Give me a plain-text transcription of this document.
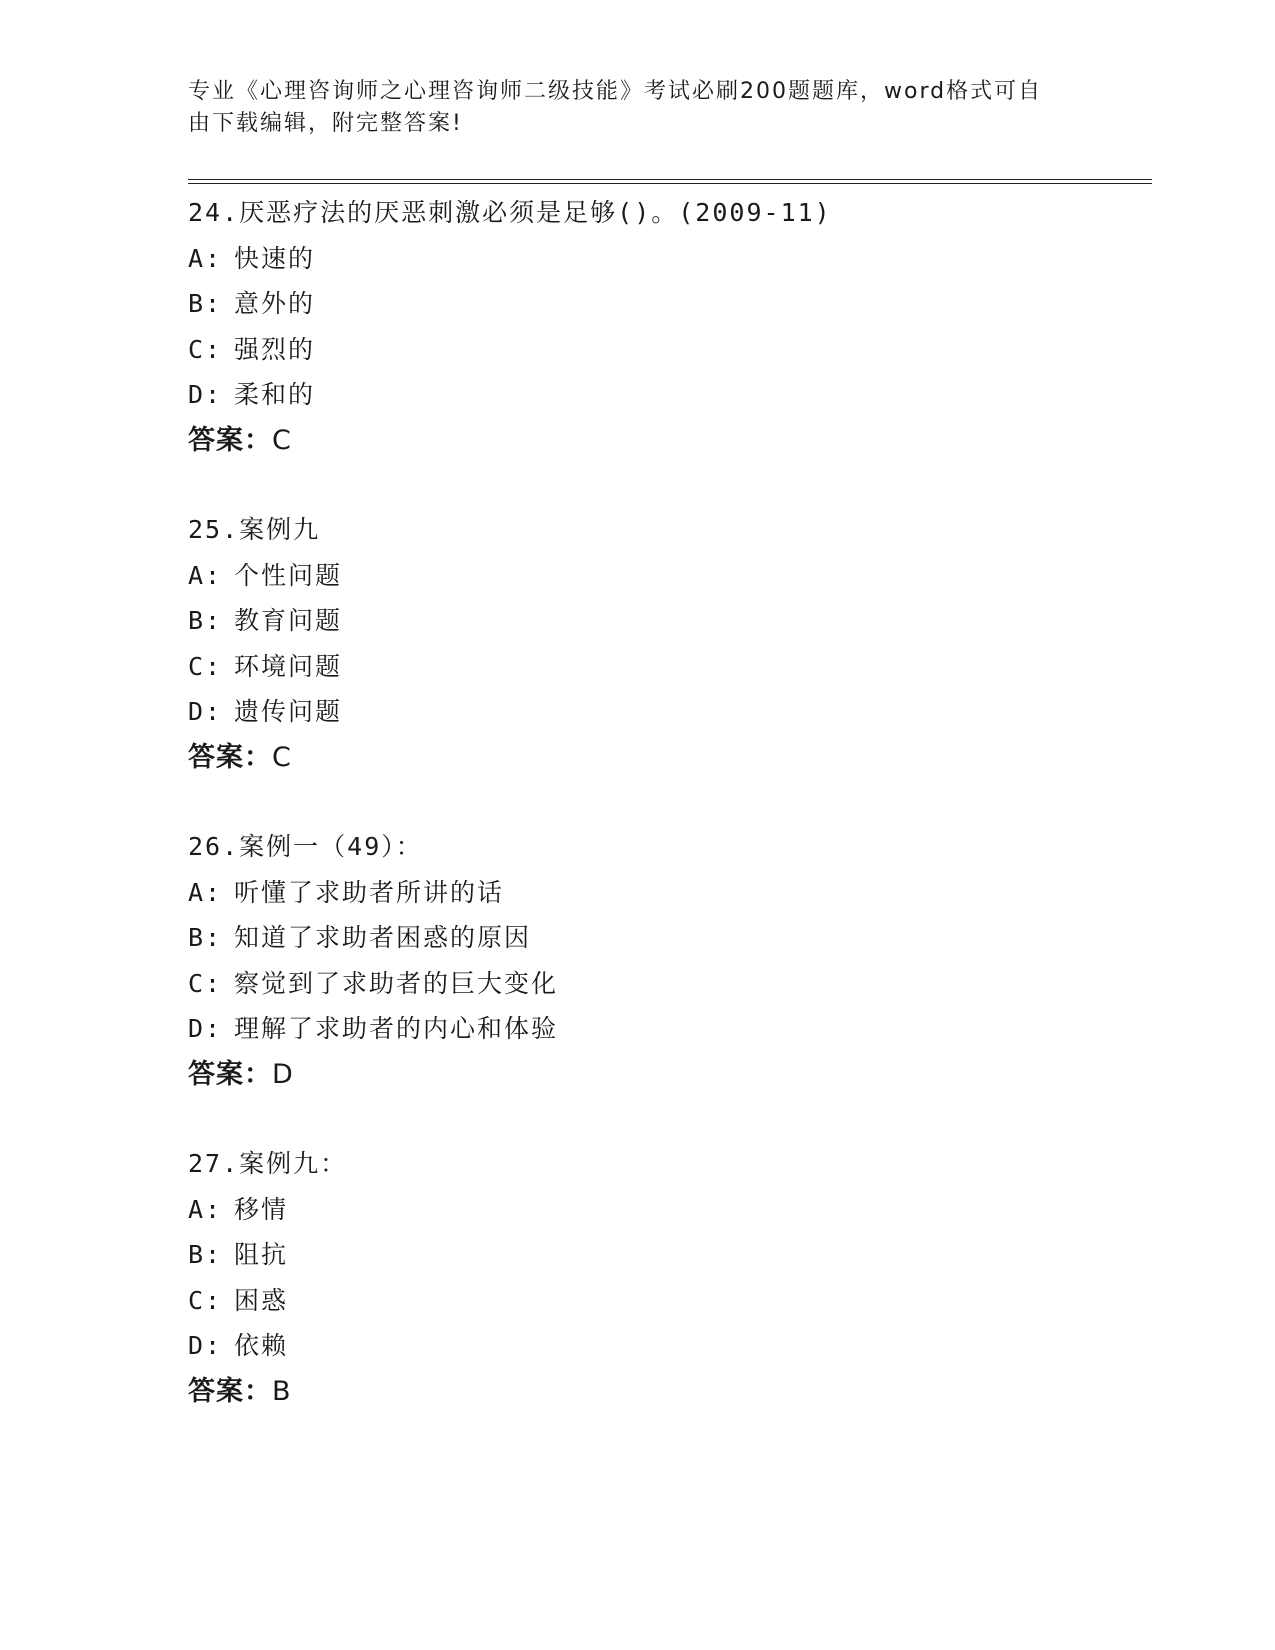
专业《心理咨询师之心理咨询师二级技能》考试必刷200题题库，word格式可自
由下载编辑，附完整答案!
24.厌恶疗法的厌恶刺激必须是足够()。(2009-11)
A: 快速的
B: 意外的
C: 强烈的
D: 柔和的
答案：C
25.案例九
A: 个性问题
B: 教育问题
C: 环境问题
D: 遗传问题
答案：C
26.案例一（49）：
A: 听懂了求助者所讲的话
B: 知道了求助者困惑的原因
C: 察觉到了求助者的巨大变化
D: 理解了求助者的内心和体验
答案：D
27.案例九：
A: 移情
B: 阻抗
C: 困惑
D: 依赖
答案：B
